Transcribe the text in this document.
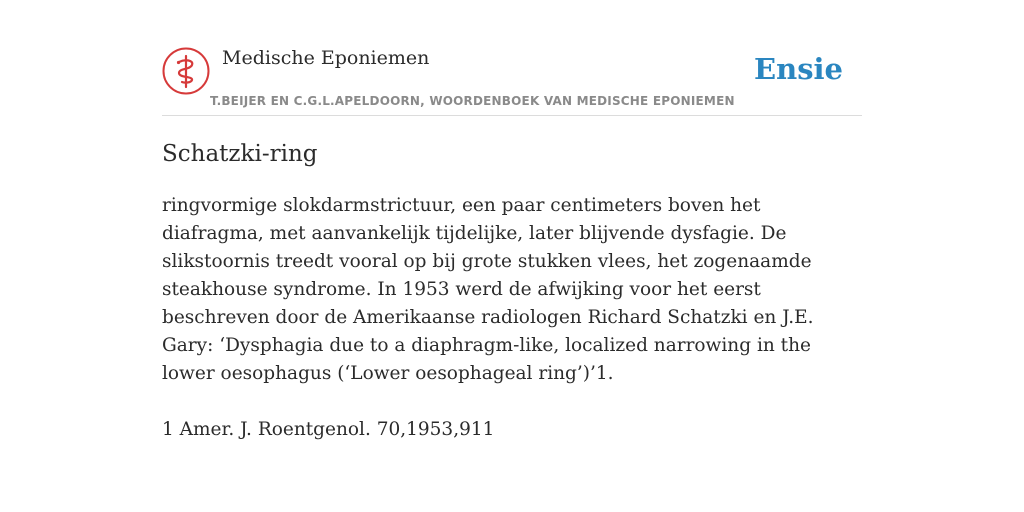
Medische Eponiemen
T.BEIJER EN C.G.L.APELDOORN, WOORDENBOEK VAN MEDISCHE EPONIEMEN
Ensie
Schatzki-ring

ringvormige slokdarmstrictuur, een paar centimeters boven het diafragma, met aanvankelijk tijdelijke, later blijvende dysfagie. De slikstoornis treedt vooral op bij grote stukken vlees, het zogenaamde steakhouse syndrome. In 1953 werd de afwijking voor het eerst beschreven door de Amerikaanse radiologen Richard Schatzki en J.E. Gary: ‘Dysphagia due to a diaphragm-like, localized narrowing in the lower oesophagus (‘Lower oesophageal ring’)’1.

1 Amer. J. Roentgenol. 70,1953,911
